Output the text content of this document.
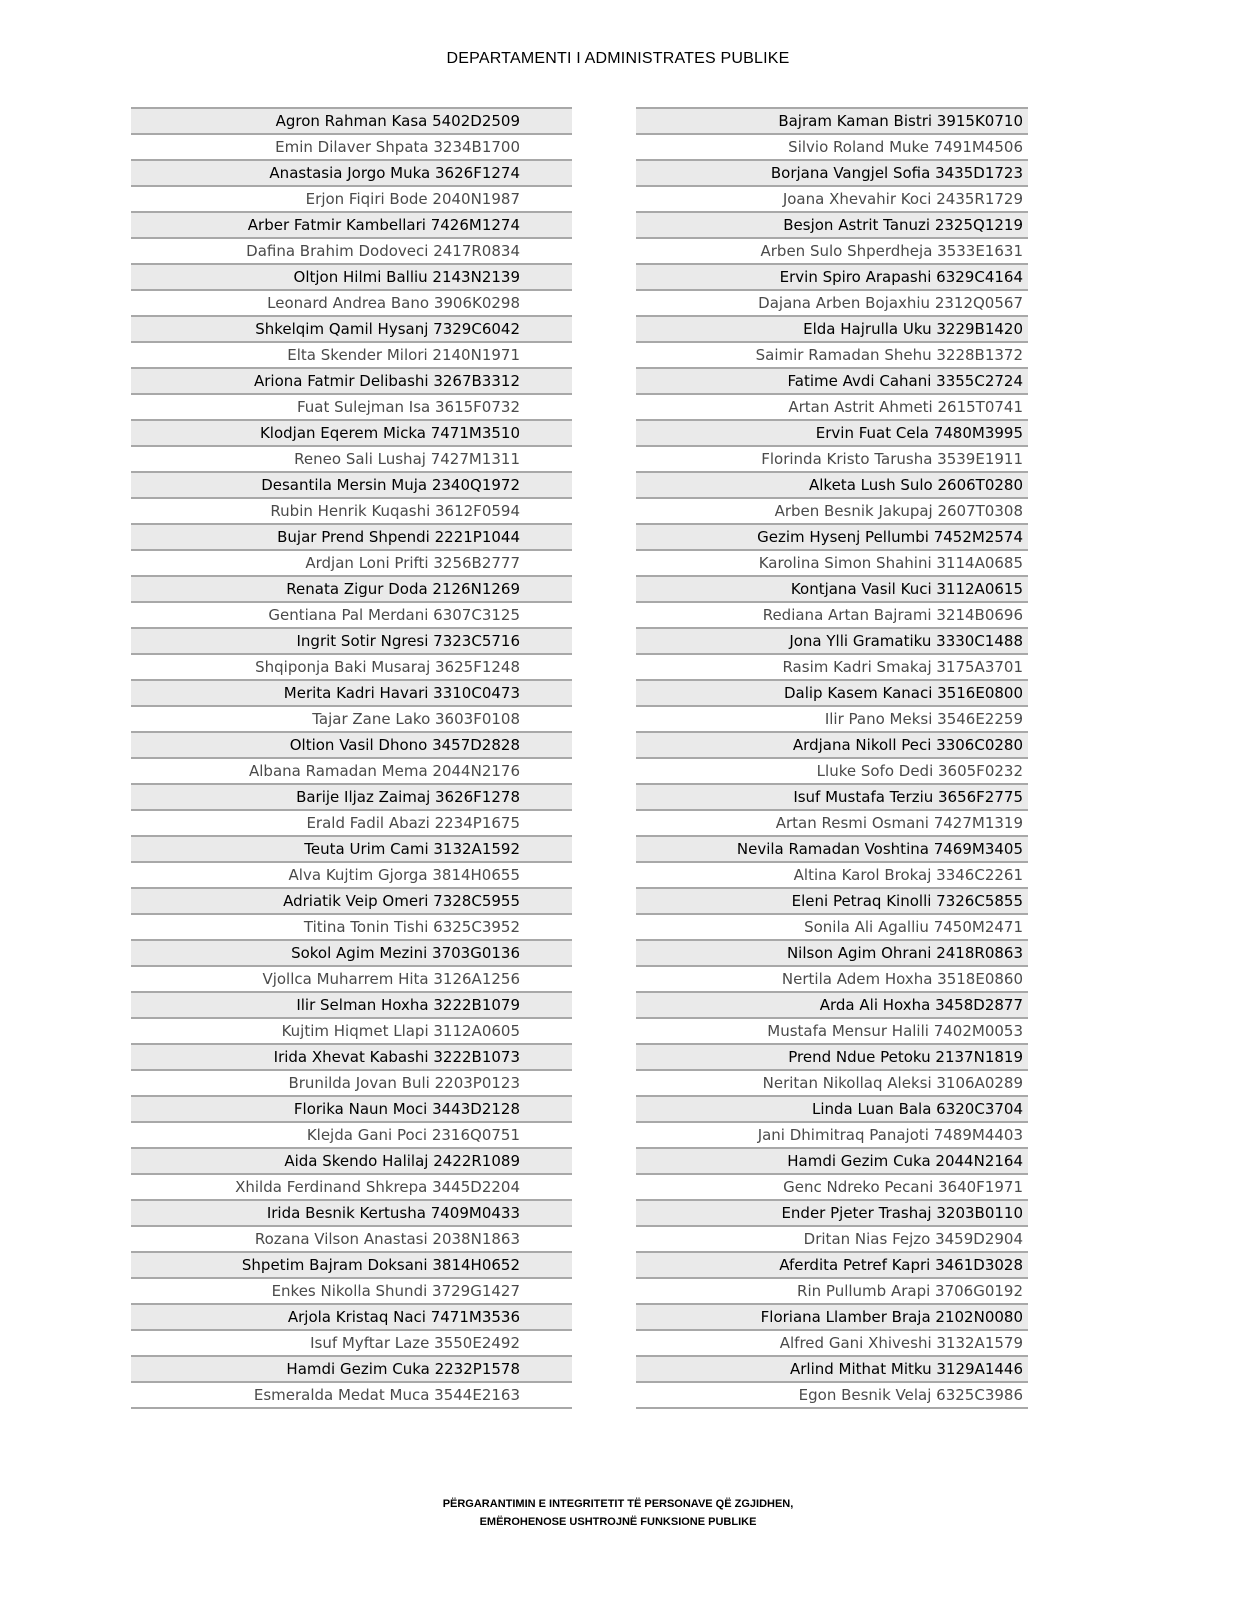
DEPARTAMENTI I ADMINISTRATES PUBLIKE
Agron Rahman Kasa 5402D2509
Emin Dilaver Shpata 3234B1700
Anastasia Jorgo Muka 3626F1274
Erjon Fiqiri Bode 2040N1987
Arber Fatmir Kambellari 7426M1274
Dafina Brahim Dodoveci 2417R0834
Oltjon Hilmi Balliu 2143N2139
Leonard Andrea Bano 3906K0298
Shkelqim Qamil Hysanj 7329C6042
Elta Skender Milori 2140N1971
Ariona Fatmir Delibashi 3267B3312
Fuat Sulejman Isa 3615F0732
Klodjan Eqerem Micka 7471M3510
Reneo Sali Lushaj 7427M1311
Desantila Mersin Muja 2340Q1972
Rubin Henrik Kuqashi 3612F0594
Bujar Prend Shpendi 2221P1044
Ardjan Loni Prifti 3256B2777
Renata Zigur Doda 2126N1269
Gentiana Pal Merdani 6307C3125
Ingrit Sotir Ngresi 7323C5716
Shqiponja Baki Musaraj 3625F1248
Merita Kadri Havari 3310C0473
Tajar Zane Lako 3603F0108
Oltion Vasil Dhono 3457D2828
Albana Ramadan Mema 2044N2176
Barije Iljaz Zaimaj 3626F1278
Erald Fadil Abazi 2234P1675
Teuta Urim Cami 3132A1592
Alva Kujtim Gjorga 3814H0655
Adriatik Veip Omeri 7328C5955
Titina Tonin Tishi 6325C3952
Sokol Agim Mezini 3703G0136
Vjollca Muharrem Hita 3126A1256
Ilir Selman Hoxha 3222B1079
Kujtim Hiqmet Llapi 3112A0605
Irida Xhevat Kabashi 3222B1073
Brunilda Jovan Buli 2203P0123
Florika Naun Moci 3443D2128
Klejda Gani Poci 2316Q0751
Aida Skendo Halilaj 2422R1089
Xhilda Ferdinand Shkrepa 3445D2204
Irida Besnik Kertusha 7409M0433
Rozana Vilson Anastasi 2038N1863
Shpetim Bajram Doksani 3814H0652
Enkes Nikolla Shundi 3729G1427
Arjola Kristaq Naci 7471M3536
Isuf Myftar Laze 3550E2492
Hamdi Gezim Cuka 2232P1578
Esmeralda Medat Muca 3544E2163
Bajram Kaman Bistri 3915K0710
Silvio Roland Muke 7491M4506
Borjana Vangjel Sofia 3435D1723
Joana Xhevahir Koci 2435R1729
Besjon Astrit Tanuzi 2325Q1219
Arben Sulo Shperdheja 3533E1631
Ervin Spiro Arapashi 6329C4164
Dajana Arben Bojaxhiu 2312Q0567
Elda Hajrulla Uku 3229B1420
Saimir Ramadan Shehu 3228B1372
Fatime Avdi Cahani 3355C2724
Artan Astrit Ahmeti 2615T0741
Ervin Fuat Cela 7480M3995
Florinda Kristo Tarusha 3539E1911
Alketa Lush Sulo 2606T0280
Arben Besnik Jakupaj 2607T0308
Gezim Hysenj Pellumbi 7452M2574
Karolina Simon Shahini 3114A0685
Kontjana Vasil Kuci 3112A0615
Rediana Artan Bajrami 3214B0696
Jona Ylli Gramatiku 3330C1488
Rasim Kadri Smakaj 3175A3701
Dalip Kasem Kanaci 3516E0800
Ilir Pano Meksi 3546E2259
Ardjana Nikoll Peci 3306C0280
Lluke Sofo Dedi 3605F0232
Isuf Mustafa Terziu 3656F2775
Artan Resmi Osmani 7427M1319
Nevila Ramadan Voshtina 7469M3405
Altina Karol Brokaj 3346C2261
Eleni Petraq Kinolli 7326C5855
Sonila Ali Agalliu 7450M2471
Nilson Agim Ohrani 2418R0863
Nertila Adem Hoxha 3518E0860
Arda Ali Hoxha 3458D2877
Mustafa Mensur Halili 7402M0053
Prend Ndue Petoku 2137N1819
Neritan Nikollaq Aleksi 3106A0289
Linda Luan Bala 6320C3704
Jani Dhimitraq Panajoti 7489M4403
Hamdi Gezim Cuka 2044N2164
Genc Ndreko Pecani 3640F1971
Ender Pjeter Trashaj 3203B0110
Dritan Nias Fejzo 3459D2904
Aferdita Petref Kapri 3461D3028
Rin Pullumb Arapi 3706G0192
Floriana Llamber Braja 2102N0080
Alfred Gani Xhiveshi 3132A1579
Arlind Mithat Mitku 3129A1446
Egon Besnik Velaj 6325C3986
PËRGARANTIMIN E INTEGRITETIT TË PERSONAVE QË ZGJIDHEN,
EMËROHENOSE USHTROJNË FUNKSIONE PUBLIKE
